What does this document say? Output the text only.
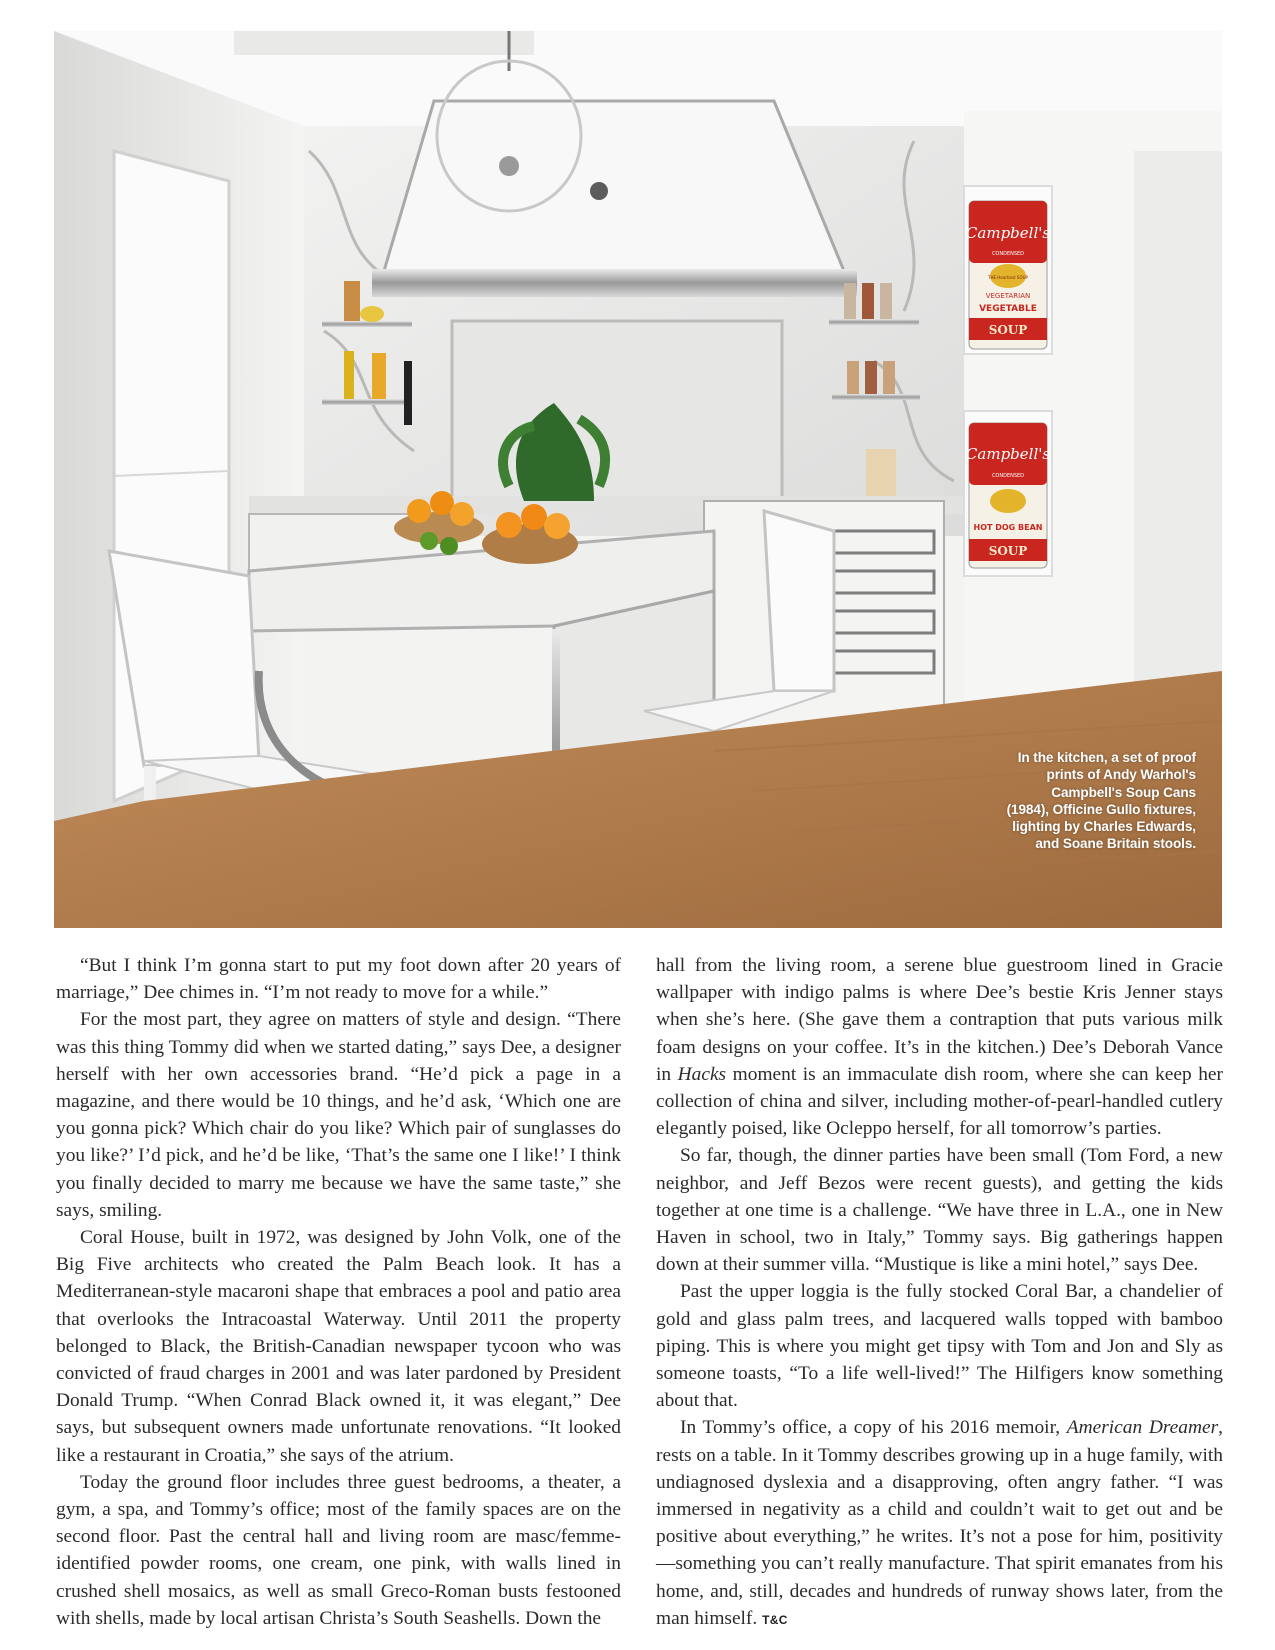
Campbell's
CONDENSED
THE Heartiest SOUP
VEGETARIAN
VEGETABLE
SOUP
Campbell's
CONDENSED
HOT DOG BEAN
SOUP
In the kitchen, a set of proof prints of Andy Warhol's Campbell's Soup Cans (1984), Officine Gullo fixtures, lighting by Charles Edwards, and Soane Britain stools.

“But I think I’m gonna start to put my foot down after 20 years of marriage,” Dee chimes in. “I’m not ready to move for a while.”

For the most part, they agree on matters of style and design. “There was this thing Tommy did when we started dating,” says Dee, a designer herself with her own accessories brand. “He’d pick a page in a magazine, and there would be 10 things, and he’d ask, ‘Which one are you gonna pick? Which chair do you like? Which pair of sunglasses do you like?’ I’d pick, and he’d be like, ‘That’s the same one I like!’ I think you finally decided to marry me because we have the same taste,” she says, smiling.

Coral House, built in 1972, was designed by John Volk, one of the Big Five architects who created the Palm Beach look. It has a Mediterranean-style macaroni shape that embraces a pool and patio area that overlooks the Intracoastal Waterway. Until 2011 the property belonged to Black, the British-Canadian newspaper tycoon who was convicted of fraud charges in 2001 and was later pardoned by President Donald Trump. “When Conrad Black owned it, it was elegant,” Dee says, but subsequent owners made unfortunate renovations. “It looked like a restaurant in Croatia,” she says of the atrium.

Today the ground floor includes three guest bedrooms, a theater, a gym, a spa, and Tommy’s office; most of the family spaces are on the second floor. Past the central hall and living room are masc/femme-identified powder rooms, one cream, one pink, with walls lined in crushed shell mosaics, as well as small Greco-Roman busts festooned with shells, made by local artisan Christa’s South Seashells. Down the

hall from the living room, a serene blue guestroom lined in Gracie wallpaper with indigo palms is where Dee’s bestie Kris Jenner stays when she’s here. (She gave them a contraption that puts various milk foam designs on your coffee. It’s in the kitchen.) Dee’s Deborah Vance in Hacks moment is an immaculate dish room, where she can keep her collection of china and silver, including mother-of-pearl-handled cutlery elegantly poised, like Ocleppo herself, for all tomorrow’s parties.

So far, though, the dinner parties have been small (Tom Ford, a new neighbor, and Jeff Bezos were recent guests), and getting the kids together at one time is a challenge. “We have three in L.A., one in New Haven in school, two in Italy,” Tommy says. Big gatherings happen down at their summer villa. “Mustique is like a mini hotel,” says Dee.

Past the upper loggia is the fully stocked Coral Bar, a chandelier of gold and glass palm trees, and lacquered walls topped with bamboo piping. This is where you might get tipsy with Tom and Jon and Sly as someone toasts, “To a life well-lived!” The Hilfigers know something about that.

In Tommy’s office, a copy of his 2016 memoir, American Dreamer, rests on a table. In it Tommy describes growing up in a huge family, with undiagnosed dyslexia and a disapproving, often angry father. “I was immersed in negativity as a child and couldn’t wait to get out and be positive about everything,” he writes. It’s not a pose for him, positivity—something you can’t really manufacture. That spirit emanates from his home, and, still, decades and hundreds of runway shows later, from the man himself. T&C
